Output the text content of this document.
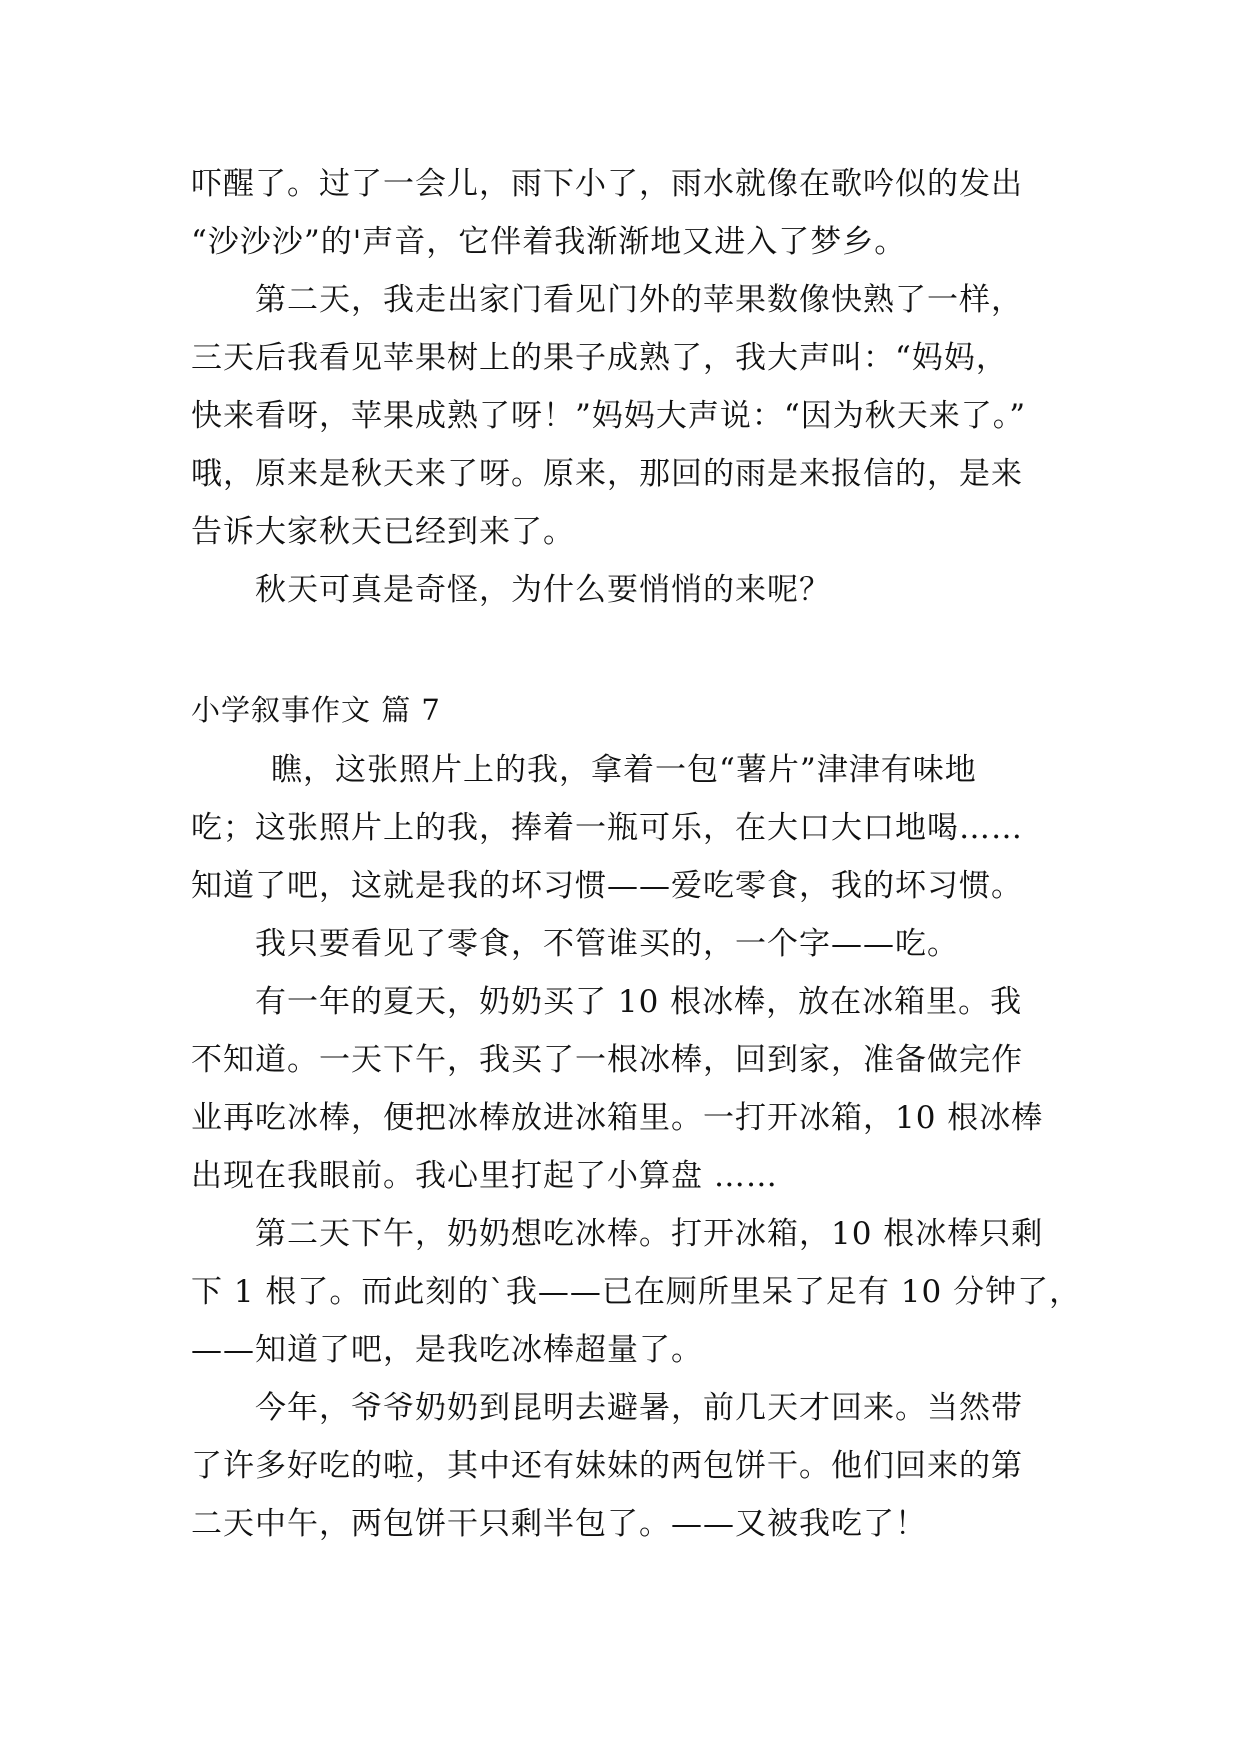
吓醒了。过了一会儿，雨下小了，雨水就像在歌吟似的发出
“沙沙沙”的'声音，它伴着我渐渐地又进入了梦乡。
第二天，我走出家门看见门外的苹果数像快熟了一样，
三天后我看见苹果树上的果子成熟了，我大声叫：“妈妈，
快来看呀，苹果成熟了呀！”妈妈大声说：“因为秋天来了。”
哦，原来是秋天来了呀。原来，那回的雨是来报信的，是来
告诉大家秋天已经到来了。
秋天可真是奇怪，为什么要悄悄的来呢？
小学叙事作文 篇 7
瞧，这张照片上的我，拿着一包“薯片”津津有味地
吃；这张照片上的我，捧着一瓶可乐，在大口大口地喝……
知道了吧，这就是我的坏习惯——爱吃零食，我的坏习惯。
我只要看见了零食，不管谁买的，一个字——吃。
有一年的夏天，奶奶买了 10 根冰棒，放在冰箱里。我
不知道。一天下午，我买了一根冰棒，回到家，准备做完作
业再吃冰棒，便把冰棒放进冰箱里。一打开冰箱，10 根冰棒
出现在我眼前。我心里打起了小算盘 ……
第二天下午，奶奶想吃冰棒。打开冰箱，10 根冰棒只剩
下 1 根了。而此刻的`我——已在厕所里呆了足有 10 分钟了，
——知道了吧，是我吃冰棒超量了。
今年，爷爷奶奶到昆明去避暑，前几天才回来。当然带
了许多好吃的啦，其中还有妹妹的两包饼干。他们回来的第
二天中午，两包饼干只剩半包了。——又被我吃了！
